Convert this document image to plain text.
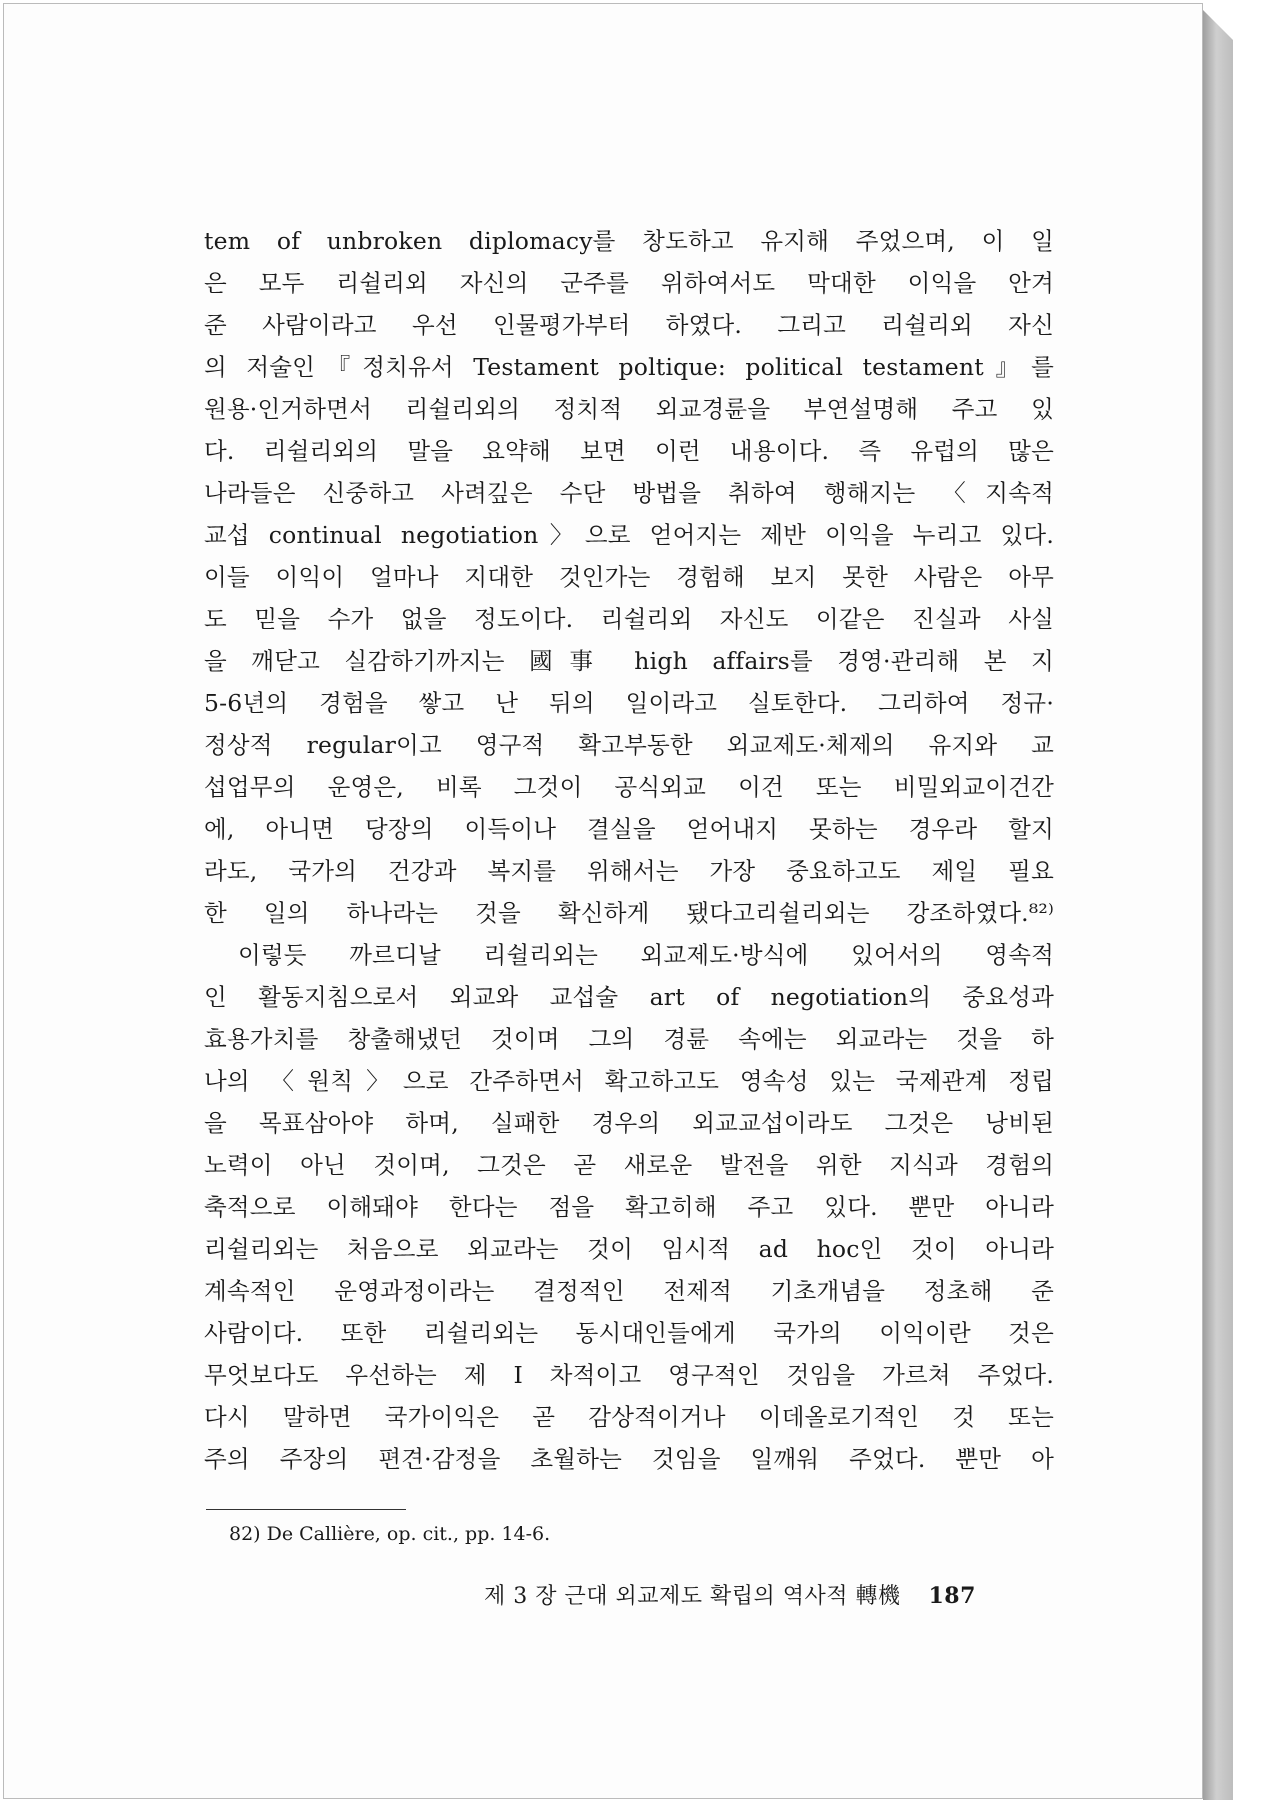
tem of unbroken diplomacy를 창도하고 유지해 주었으며, 이 일
은 모두 리쉴리외 자신의 군주를 위하여서도 막대한 이익을 안겨
준 사람이라고 우선 인물평가부터 하였다. 그리고 리쉴리외 자신
의 저술인『정치유서 Testament poltique: political testament』를
원용·인거하면서 리쉴리외의 정치적 외교경륜을 부연설명해 주고 있
다. 리쉴리외의 말을 요약해 보면 이런 내용이다. 즉 유럽의 많은
나라들은 신중하고 사려깊은 수단 방법을 취하여 행해지는 〈지속적
교섭 continual negotiation〉으로 얻어지는 제반 이익을 누리고 있다.
이들 이익이 얼마나 지대한 것인가는 경험해 보지 못한 사람은 아무
도 믿을 수가 없을 정도이다. 리쉴리외 자신도 이같은 진실과 사실
을 깨닫고 실감하기까지는 國事 high affairs를 경영·관리해 본 지
5-6년의 경험을 쌓고 난 뒤의 일이라고 실토한다. 그리하여 정규·
정상적 regular이고 영구적 확고부동한 외교제도·체제의 유지와 교
섭업무의 운영은, 비록 그것이 공식외교 이건 또는 비밀외교이건간
에, 아니면 당장의 이득이나 결실을 얻어내지 못하는 경우라 할지
라도, 국가의 건강과 복지를 위해서는 가장 중요하고도 제일 필요
한 일의 하나라는 것을 확신하게 됐다고리쉴리외는 강조하였다.⁸²⁾
이렇듯 까르디날 리쉴리외는 외교제도·방식에 있어서의 영속적
인 활동지침으로서 외교와 교섭술 art of negotiation의 중요성과
효용가치를 창출해냈던 것이며 그의 경륜 속에는 외교라는 것을 하
나의 〈원칙〉으로 간주하면서 확고하고도 영속성 있는 국제관계 정립
을 목표삼아야 하며, 실패한 경우의 외교교섭이라도 그것은 낭비된
노력이 아닌 것이며, 그것은 곧 새로운 발전을 위한 지식과 경험의
축적으로 이해돼야 한다는 점을 확고히해 주고 있다. 뿐만 아니라
리쉴리외는 처음으로 외교라는 것이 임시적 ad hoc인 것이 아니라
계속적인 운영과정이라는 결정적인 전제적 기초개념을 정초해 준
사람이다. 또한 리쉴리외는 동시대인들에게 국가의 이익이란 것은
무엇보다도 우선하는 제 I 차적이고 영구적인 것임을 가르쳐 주었다.
다시 말하면 국가이익은 곧 감상적이거나 이데올로기적인 것 또는
주의 주장의 편견·감정을 초월하는 것임을 일깨워 주었다. 뿐만 아
82) De Callière, op. cit., pp. 14-6.
제 3 장 근대 외교제도 확립의 역사적 轉機 187
